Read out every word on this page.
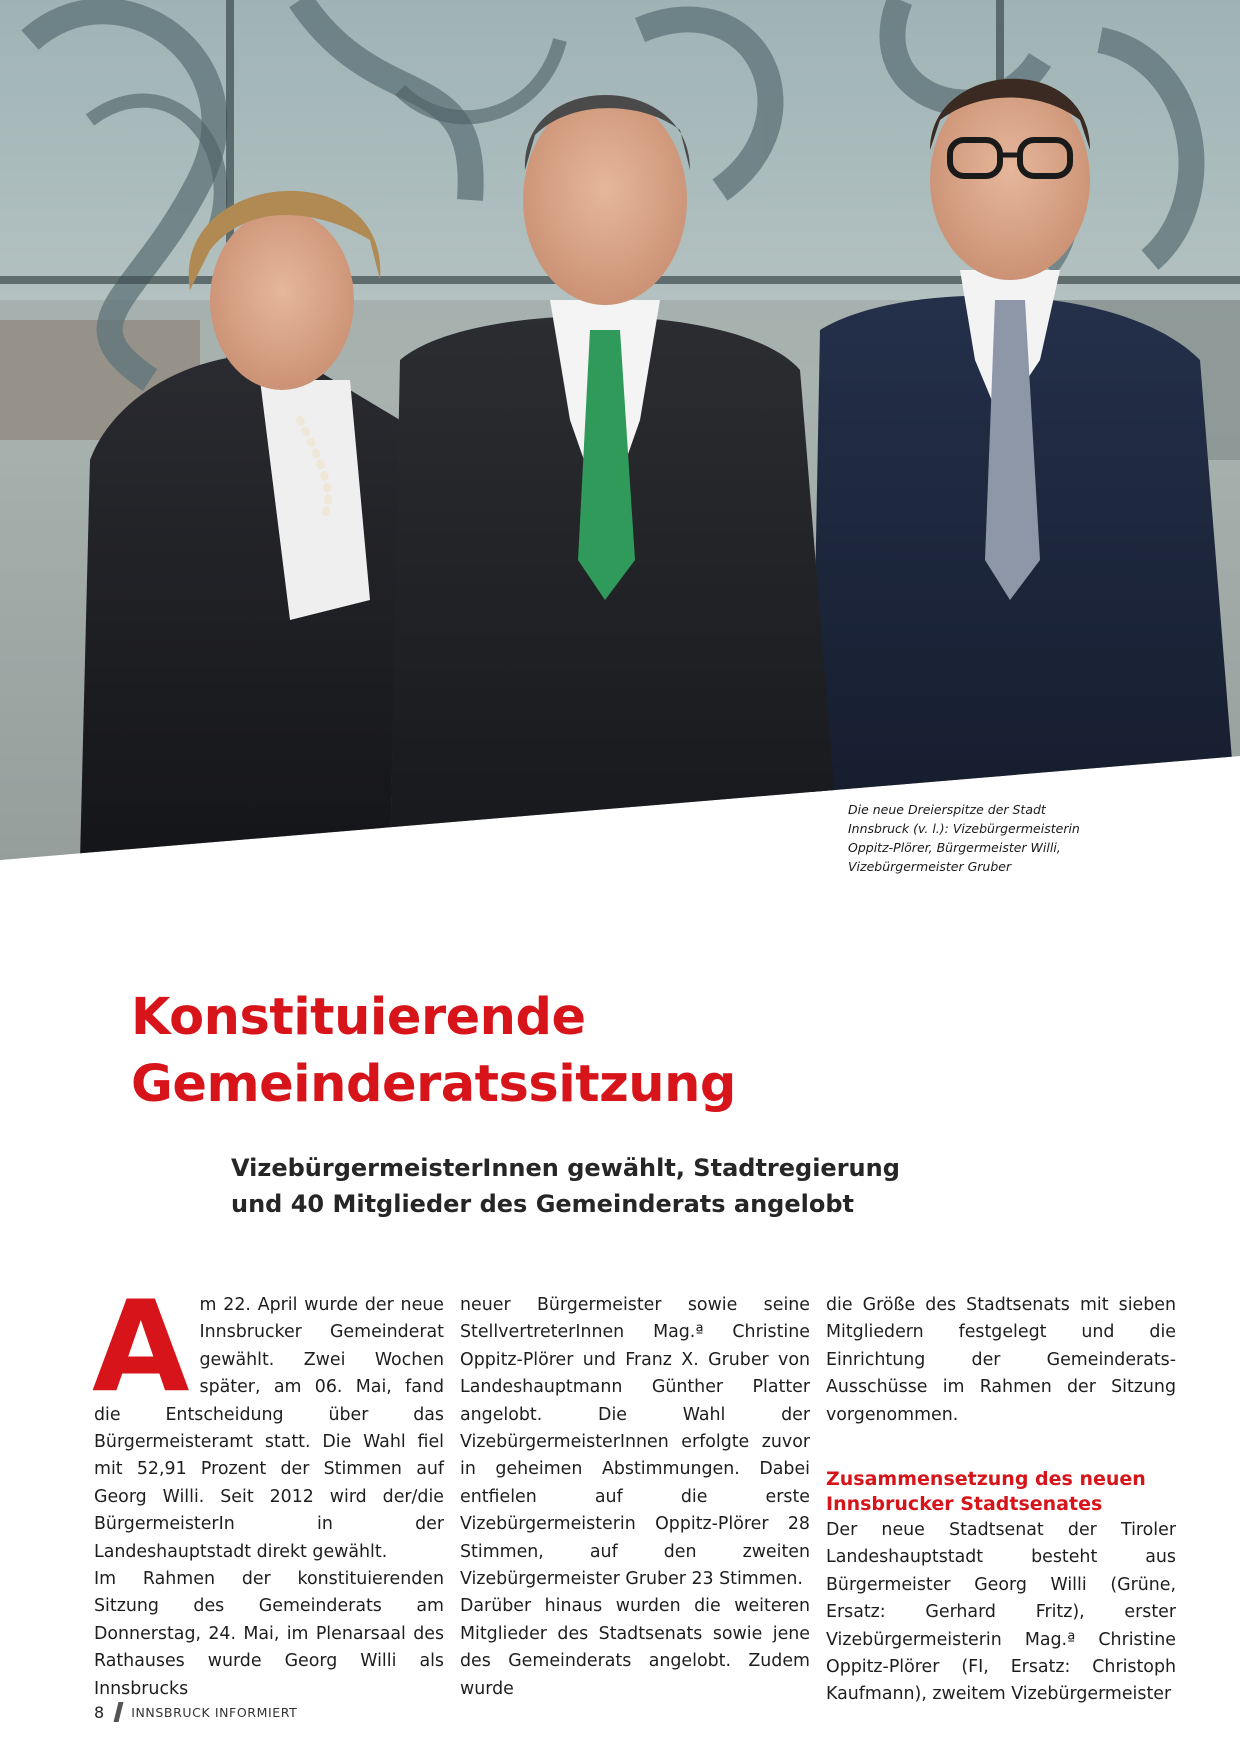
Die neue Dreierspitze der Stadt
Innsbruck (v. l.): Vizebürgermeisterin
Oppitz-Plörer, Bürgermeister Willi,
Vizebürgermeister Gruber
Konstituierende
Gemeinderatssitzung
VizebürgermeisterInnen gewählt, Stadtregierung
und 40 Mitglieder des Gemeinderats angelobt
A m 22. April wurde der neue Innsbrucker Gemeinderat gewählt. Zwei Wochen später, am 06. Mai, fand die Entscheidung über das Bürgermeisteramt statt. Die Wahl fiel mit 52,91 Prozent der Stimmen auf Georg Willi. Seit 2012 wird der/die BürgermeisterIn in der Landeshauptstadt direkt gewählt.

Im Rahmen der konstituierenden Sitzung des Gemeinderats am Donnerstag, 24. Mai, im Plenarsaal des Rathauses wurde Georg Willi als Innsbrucks

neuer Bürgermeister sowie seine StellvertreterInnen Mag.ª Christine Oppitz-Plörer und Franz X. Gruber von Landeshauptmann Günther Platter angelobt. Die Wahl der VizebürgermeisterInnen erfolgte zuvor in geheimen Abstimmungen. Dabei entfielen auf die erste Vizebürgermeisterin Oppitz-Plörer 28 Stimmen, auf den zweiten Vizebürgermeister Gruber 23 Stimmen.

Darüber hinaus wurden die weiteren Mitglieder des Stadtsenats sowie jene des Gemeinderats angelobt. Zudem wurde

die Größe des Stadtsenats mit sieben Mitgliedern festgelegt und die Einrichtung der Gemeinderats-Ausschüsse im Rahmen der Sitzung vorgenommen.

Zusammensetzung des neuen
Innsbrucker Stadtsenates

Der neue Stadtsenat der Tiroler Landeshauptstadt besteht aus Bürgermeister Georg Willi (Grüne, Ersatz: Gerhard Fritz), erster Vizebürgermeisterin Mag.ª Christine Oppitz-Plörer (FI, Ersatz: Christoph Kaufmann), zweitem Vizebürgermeister

8 INNSBRUCK INFORMIERT
